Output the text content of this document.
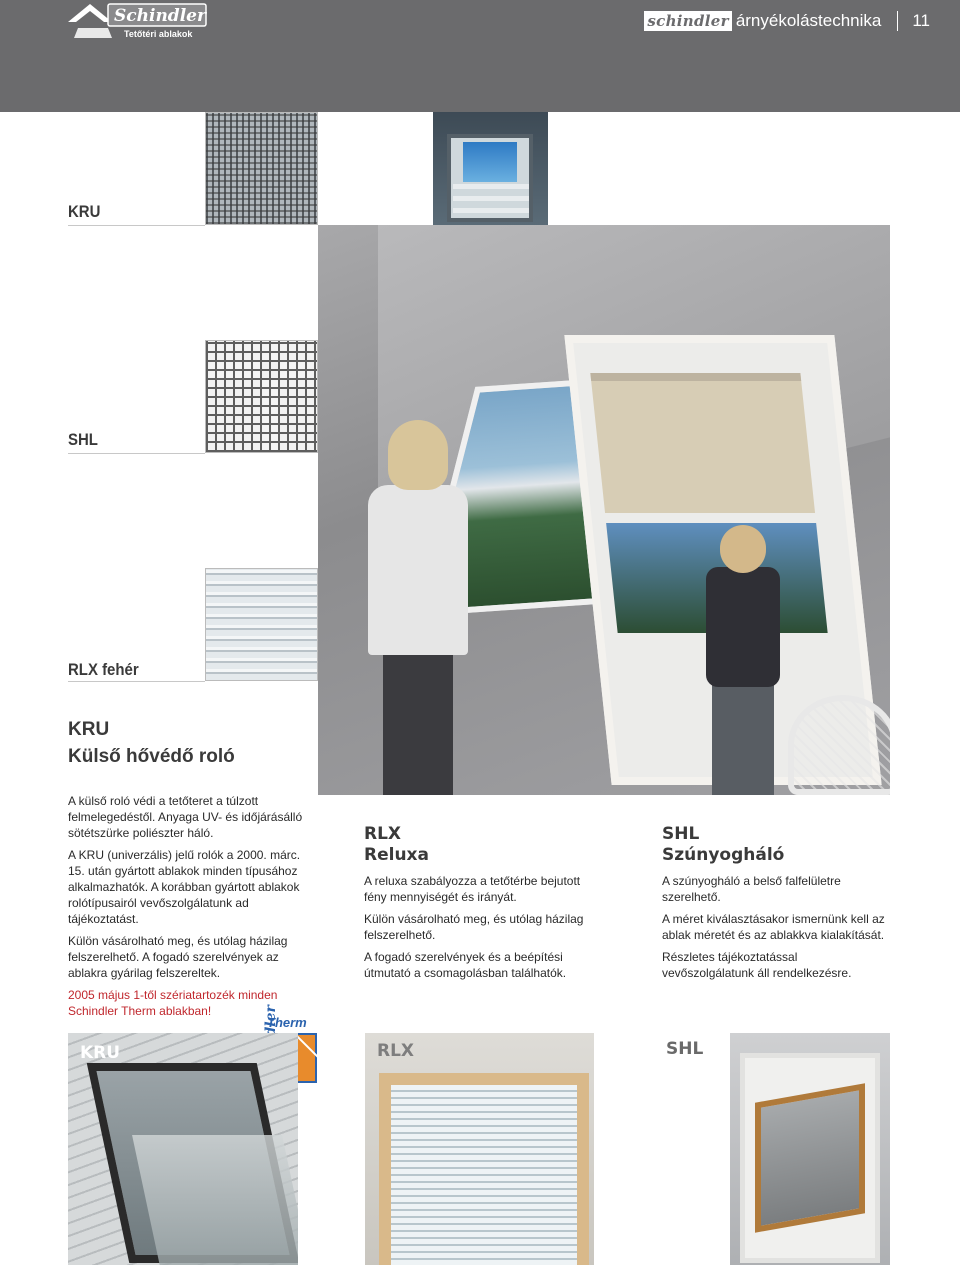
Schindler
Tetőtéri ablakok
schindler árnyékolástechnika 11
KRU
SHL
RLX fehér
KRU
Külső hővédő roló

A külső roló védi a tetőteret a túlzott felmelegedéstől. Anyaga UV- és időjárásálló sötétszürke poliészter háló.

A KRU (univerzális) jelű rolók a 2000. márc. 15. után gyártott ablakok minden típusához alkalmazhatók. A korábban gyártott ablakok rolótípusairól vevőszolgálatunk ad tájékoztatást.

Külön vásárolható meg, és utólag házilag felszerelhető. A fogadó szerelvények az ablakra gyárilag felszereltek.

2005 május 1-től szériatartozék minden Schindler Therm ablakban!

RLX
Reluxa

A reluxa szabályozza a tetőtérbe bejutott fény mennyiségét és irányát.

Külön vásárolható meg, és utólag házilag felszerelhető.

A fogadó szerelvények és a beépítési útmutató a csomagolásban találhatók.

SHL
Szúnyogháló

A szúnyogháló a belső falfelületre szerelhető.

A méret kiválasztásakor ismernünk kell az ablak méretét és az ablakkva kialakítását.

Részletes tájékoztatással vevőszolgálatunk áll rendelkezésre.

Therm
KRU	RLX	SHL
